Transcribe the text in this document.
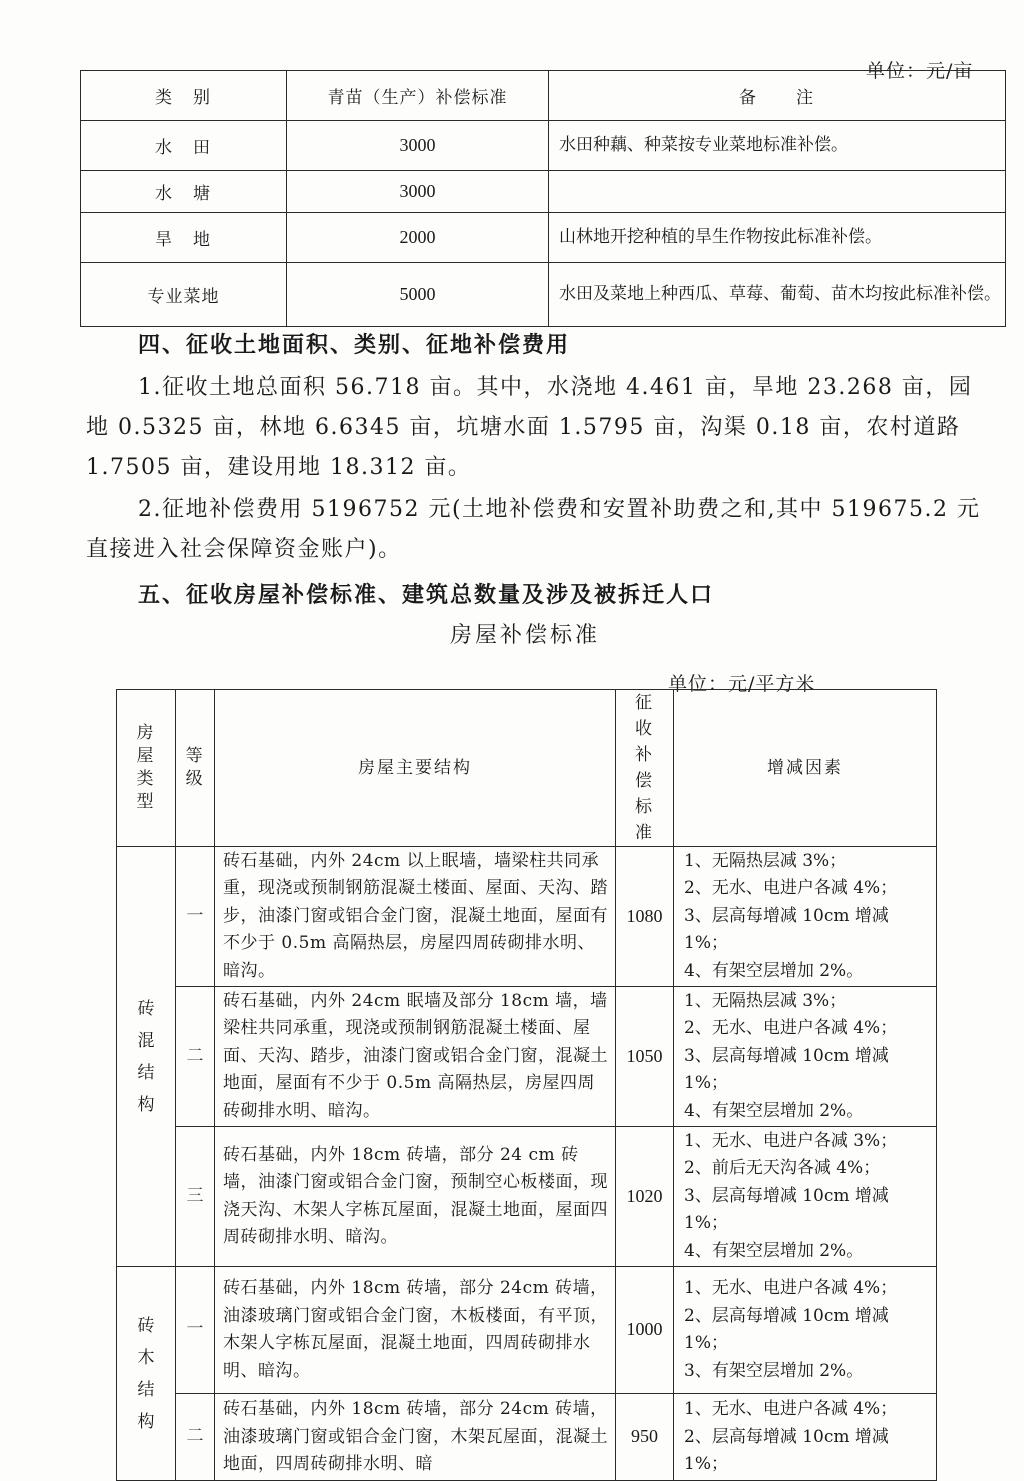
单位：元/亩
类　别	青苗（生产）补偿标准	备　　注
水　田	3000	水田种藕、种菜按专业菜地标准补偿。
水　塘	3000	
旱　地	2000	山林地开挖种植的旱生作物按此标准补偿。
专业菜地	5000	水田及菜地上种西瓜、草莓、葡萄、苗木均按此标准补偿。
四、征收土地面积、类别、征地补偿费用
1.征收土地总面积 56.718 亩。其中，水浇地 4.461 亩，旱地 23.268 亩，园地 0.5325 亩，林地 6.6345 亩，坑塘水面 1.5795 亩，沟渠 0.18 亩，农村道路 1.7505 亩，建设用地 18.312 亩。
2.征地补偿费用 5196752 元(土地补偿费和安置补助费之和,其中 519675.2 元直接进入社会保障资金账户)。
五、征收房屋补偿标准、建筑总数量及涉及被拆迁人口
房屋补偿标准
单位：元/平方米
房屋类型	等级	房屋主要结构	征收补偿标准	增减因素
砖混结构	一	砖石基础，内外 24cm 以上眠墙，墙梁柱共同承重，现浇或预制钢筋混凝土楼面、屋面、天沟、踏步，油漆门窗或铝合金门窗，混凝土地面，屋面有不少于 0.5m 高隔热层，房屋四周砖砌排水明、暗沟。	1080	1、无隔热层减 3%；
2、无水、电进户各减 4%；
3、层高每增减 10cm 增减 1%；
4、有架空层增加 2%。

	二	砖石基础，内外 24cm 眠墙及部分 18cm 墙，墙梁柱共同承重，现浇或预制钢筋混凝土楼面、屋面、天沟、踏步，油漆门窗或铝合金门窗，混凝土地面，屋面有不少于 0.5m 高隔热层，房屋四周砖砌排水明、暗沟。	1050	1、无隔热层减 3%；
2、无水、电进户各减 4%；
3、层高每增减 10cm 增减 1%；
4、有架空层增加 2%。

	三	砖石基础，内外 18cm 砖墙，部分 24 cm 砖墙，油漆门窗或铝合金门窗，预制空心板楼面，现浇天沟、木架人字栋瓦屋面，混凝土地面，屋面四周砖砌排水明、暗沟。	1020	1、无水、电进户各减 3%；
2、前后无天沟各减 4%；
3、层高每增减 10cm 增减 1%；
4、有架空层增加 2%。

砖木结构	一	砖石基础，内外 18cm 砖墙，部分 24cm 砖墙，油漆玻璃门窗或铝合金门窗，木板楼面，有平顶，木架人字栋瓦屋面，混凝土地面，四周砖砌排水明、暗沟。	1000	1、无水、电进户各减 4%；
2、层高每增减 10cm 增减 1%；
3、有架空层增加 2%。

	二	砖石基础，内外 18cm 砖墙，部分 24cm 砖墙，油漆玻璃门窗或铝合金门窗，木架瓦屋面，混凝土地面，四周砖砌排水明、暗	950	1、无水、电进户各减 4%；
2、层高每增减 10cm 增减 1%；
